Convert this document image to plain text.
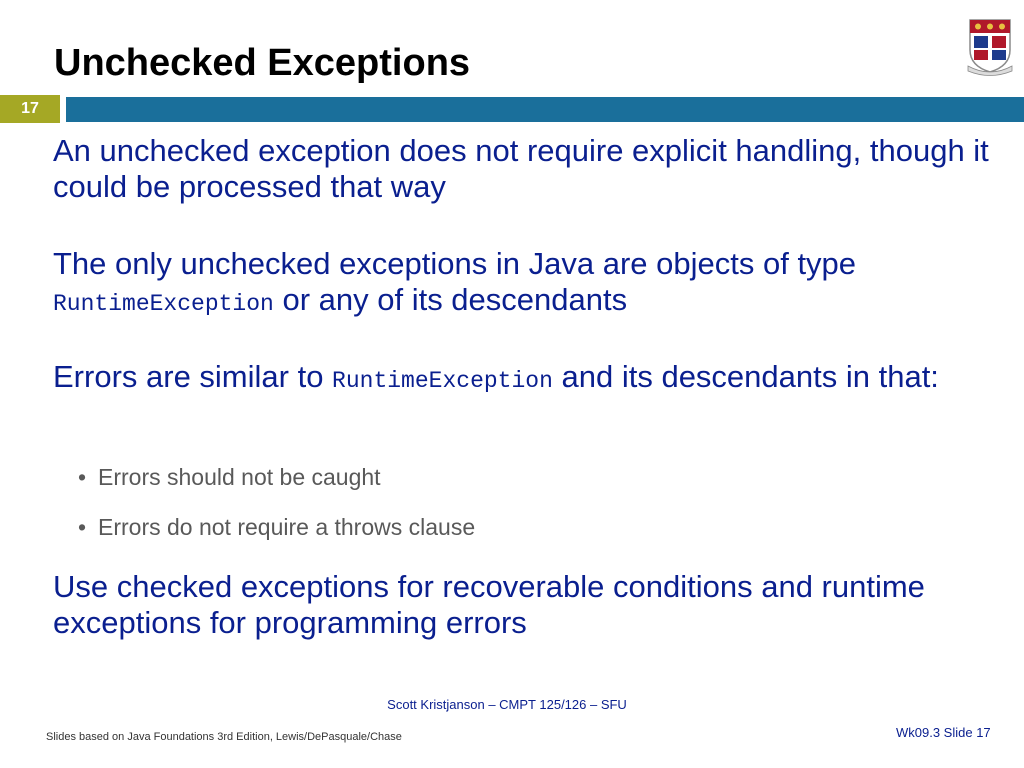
Unchecked Exceptions
17
An unchecked exception does not require explicit handling, though it could be processed that way
The only unchecked exceptions in Java are objects of type
RuntimeException or any of its descendants
Errors are similar to RuntimeException and its descendants in that:
• Errors should not be caught
• Errors do not require a throws clause
Use checked exceptions for recoverable conditions and runtime exceptions for programming errors
Scott Kristjanson – CMPT 125/126 – SFU
Slides based on Java Foundations 3rd Edition, Lewis/DePasquale/Chase	Wk09.3 Slide 17
